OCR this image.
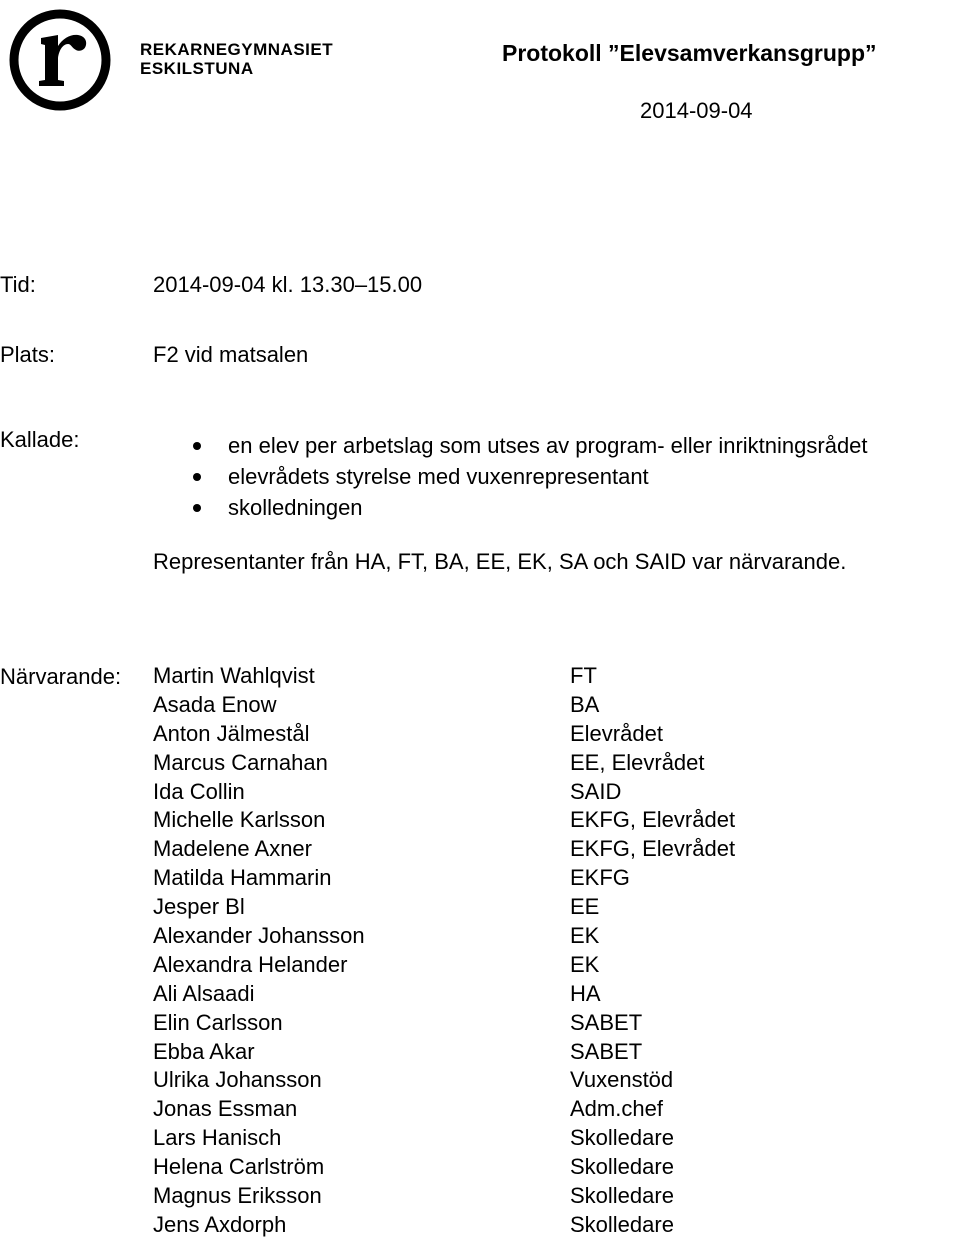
REKARNEGYMNASIET
ESKILSTUNA
Protokoll ”Elevsamverkansgrupp”
2014-09-04
Tid:	2014-09-04 kl. 13.30–15.00
Plats:	F2 vid matsalen
Kallade:	en elev per arbetslag som utses av program- eller inriktningsrådet
elevrådets styrelse med vuxenrepresentant
skolledningen
Representanter från HA, FT, BA, EE, EK, SA och SAID var närvarande.
Närvarande: Martin Wahlqvist	FT
Asada Enow	BA
Anton Jälmestål	Elevrådet
Marcus Carnahan	EE, Elevrådet
Ida Collin	SAID
Michelle Karlsson	EKFG, Elevrådet
Madelene Axner	EKFG, Elevrådet
Matilda Hammarin	EKFG
Jesper Bl	EE
Alexander Johansson	EK
Alexandra Helander	EK
Ali Alsaadi	HA
Elin Carlsson	SABET
Ebba Akar	SABET
Ulrika Johansson	Vuxenstöd
Jonas Essman	Adm.chef
Lars Hanisch	Skolledare
Helena Carlström	Skolledare
Magnus Eriksson	Skolledare
Jens Axdorph	Skolledare
